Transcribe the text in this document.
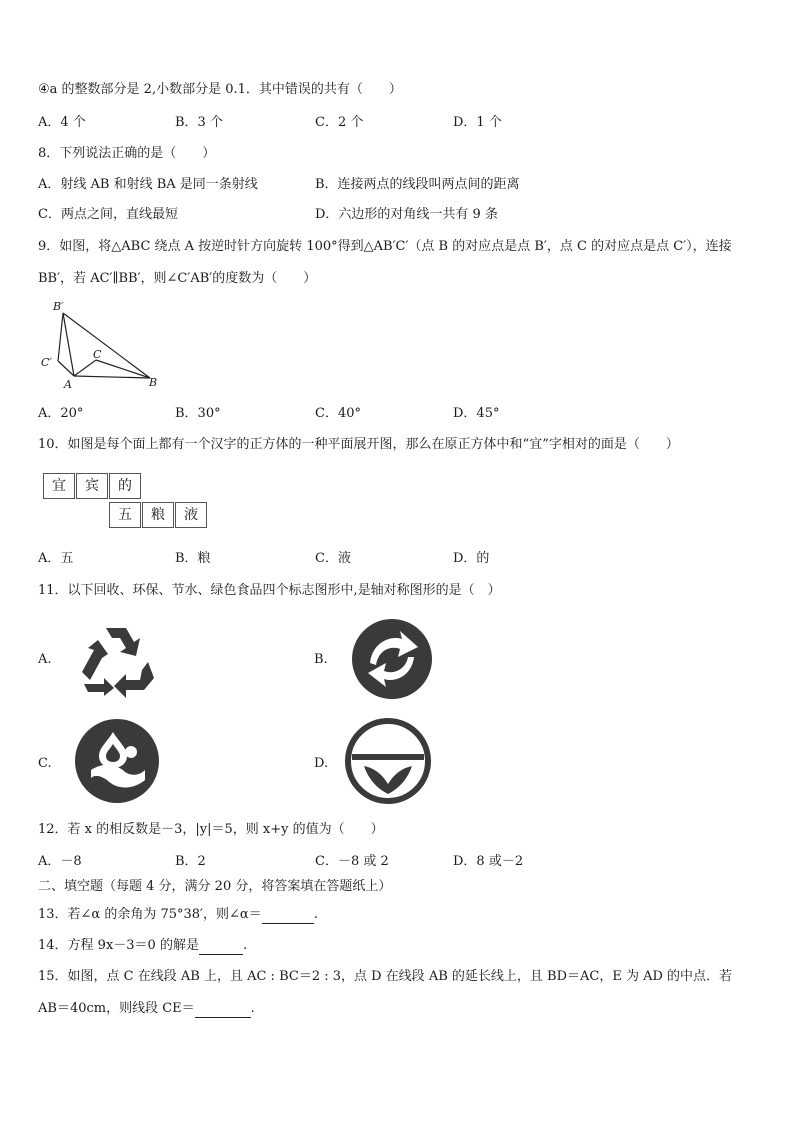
④a 的整数部分是 2,小数部分是 0.1．其中错误的共有（　　）
A．4 个	B．3 个	C．2 个	D．1 个
8．下列说法正确的是（　　）
A．射线 AB 和射线 BA 是同一条射线	B．连接两点的线段叫两点间的距离
C．两点之间，直线最短	D．六边形的对角线一共有 9 条
9．如图，将△ABC 绕点 A 按逆时针方向旋转 100°得到△AB′C′（点 B 的对应点是点 B′，点 C 的对应点是点 C′），连接
BB′，若 AC′∥BB′，则∠C′AB′的度数为（　　）
B′
C′
C
A	B
A．20°	B．30°	C．40°	D．45°
10．如图是每个面上都有一个汉字的正方体的一种平面展开图，那么在原正方体中和“宜”字相对的面是（　　）
宜	宾	的
五	粮	液
A．五	B．粮	C．液	D．的
11．以下回收、环保、节水、绿色食品四个标志图形中,是轴对称图形的是（　）
A.	B.
C.	D.
12．若 x 的相反数是－3，|y|＝5，则 x+y 的值为（　　）
A．－8	B．2	C．－8 或 2	D．8 或－2
二、填空题（每题 4 分，满分 20 分，将答案填在答题纸上）
13．若∠α 的余角为 75°38′，则∠α＝	.
14．方程 9x－3＝0 的解是	.
15．如图，点 C 在线段 AB 上，且 AC : BC＝2 : 3，点 D 在线段 AB 的延长线上，且 BD＝AC，E 为 AD 的中点．若
AB＝40cm，则线段 CE＝	.
